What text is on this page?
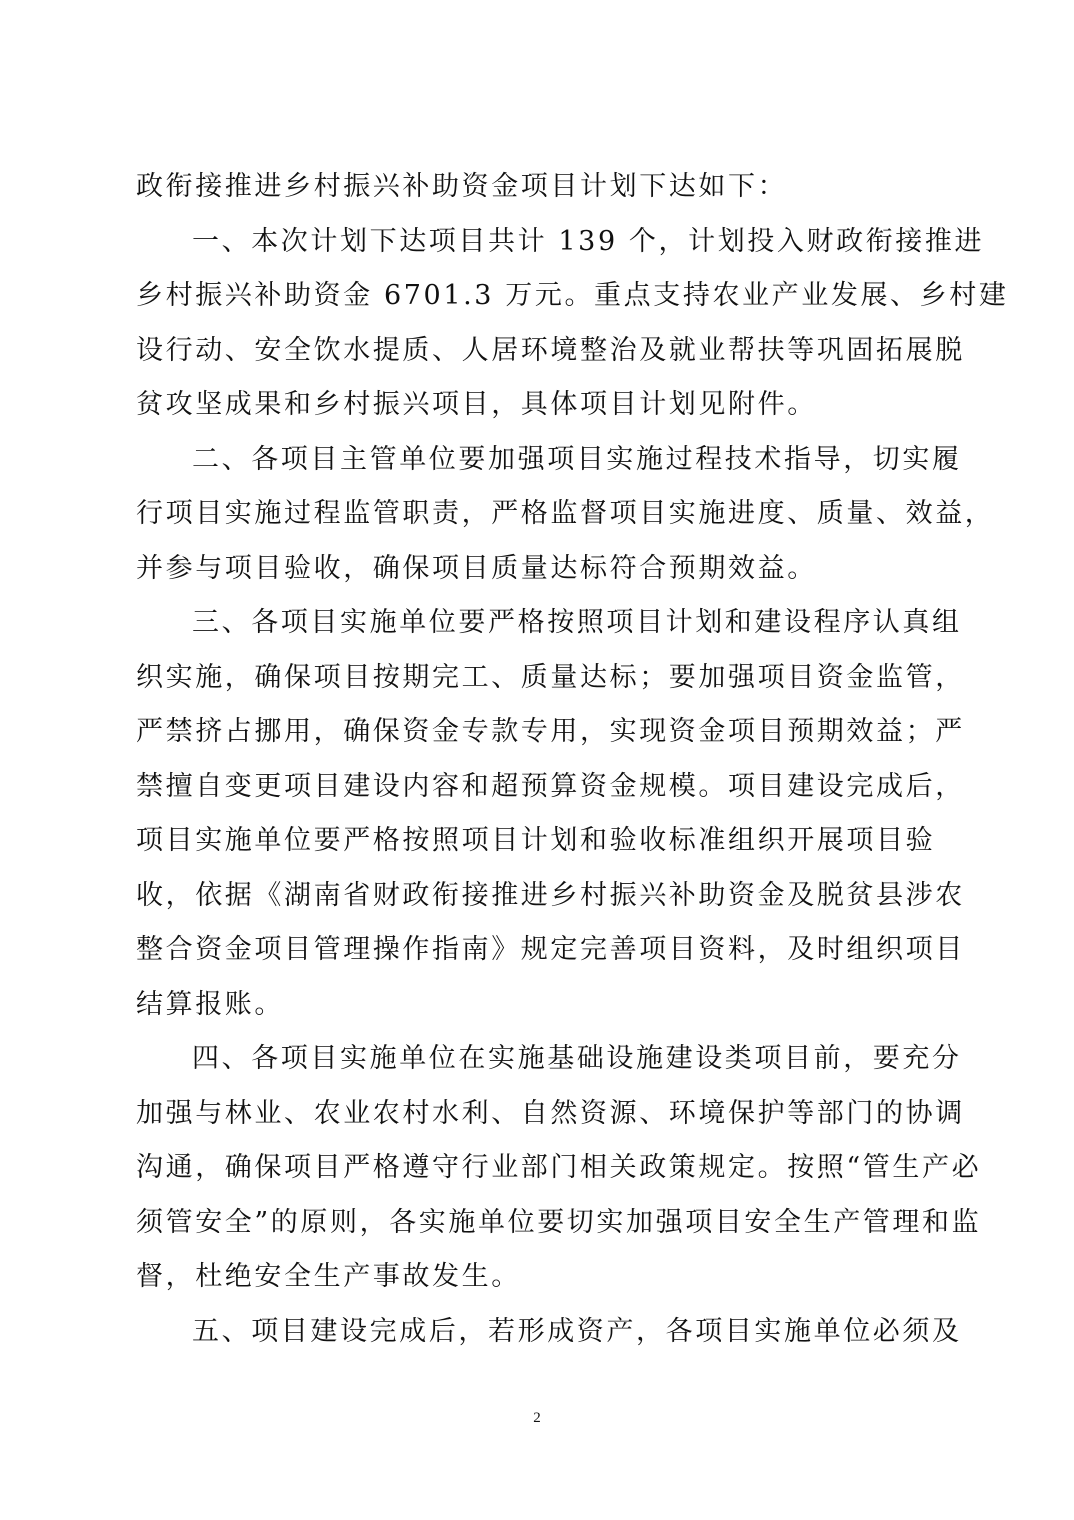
政衔接推进乡村振兴补助资金项目计划下达如下：
一、本次计划下达项目共计 139 个，计划投入财政衔接推进
乡村振兴补助资金 6701.3 万元。重点支持农业产业发展、乡村建
设行动、安全饮水提质、人居环境整治及就业帮扶等巩固拓展脱
贫攻坚成果和乡村振兴项目，具体项目计划见附件。
二、各项目主管单位要加强项目实施过程技术指导，切实履
行项目实施过程监管职责，严格监督项目实施进度、质量、效益，
并参与项目验收，确保项目质量达标符合预期效益。
三、各项目实施单位要严格按照项目计划和建设程序认真组
织实施，确保项目按期完工、质量达标；要加强项目资金监管，
严禁挤占挪用，确保资金专款专用，实现资金项目预期效益；严
禁擅自变更项目建设内容和超预算资金规模。项目建设完成后，
项目实施单位要严格按照项目计划和验收标准组织开展项目验
收，依据《湖南省财政衔接推进乡村振兴补助资金及脱贫县涉农
整合资金项目管理操作指南》规定完善项目资料，及时组织项目
结算报账。
四、各项目实施单位在实施基础设施建设类项目前，要充分
加强与林业、农业农村水利、自然资源、环境保护等部门的协调
沟通，确保项目严格遵守行业部门相关政策规定。按照“管生产必
须管安全”的原则，各实施单位要切实加强项目安全生产管理和监
督，杜绝安全生产事故发生。
五、项目建设完成后，若形成资产，各项目实施单位必须及
2
